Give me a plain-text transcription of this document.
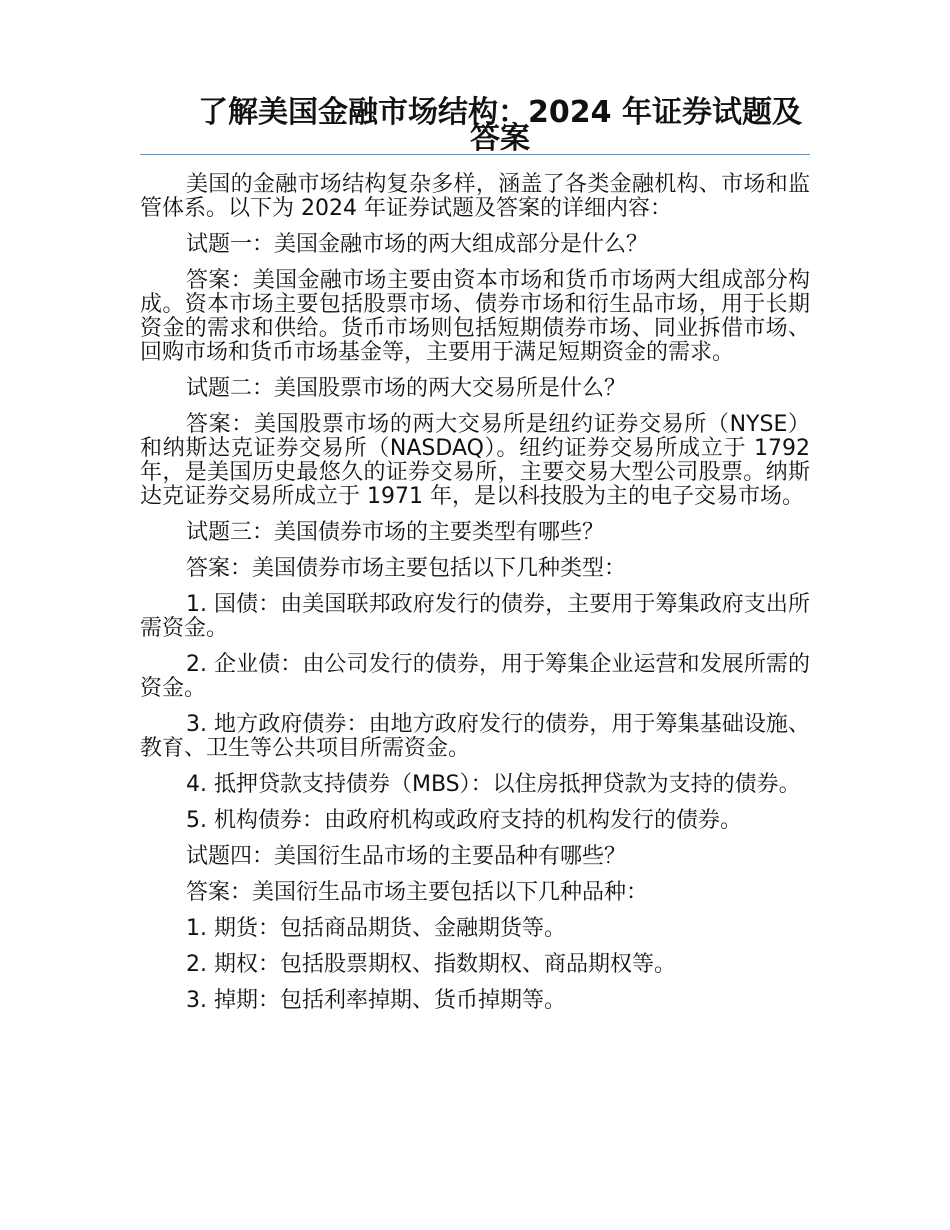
了解美国金融市场结构：2024 年证券试题及答案

美国的金融市场结构复杂多样，涵盖了各类金融机构、市场和监管体系。以下为 2024 年证券试题及答案的详细内容：

试题一：美国金融市场的两大组成部分是什么？

答案：美国金融市场主要由资本市场和货币市场两大组成部分构成。资本市场主要包括股票市场、债券市场和衍生品市场，用于长期资金的需求和供给。货币市场则包括短期债券市场、同业拆借市场、回购市场和货币市场基金等，主要用于满足短期资金的需求。

试题二：美国股票市场的两大交易所是什么？

答案：美国股票市场的两大交易所是纽约证券交易所（NYSE）和纳斯达克证券交易所（NASDAQ）。纽约证券交易所成立于 1792 年，是美国历史最悠久的证券交易所，主要交易大型公司股票。纳斯达克证券交易所成立于 1971 年，是以科技股为主的电子交易市场。

试题三：美国债券市场的主要类型有哪些？

答案：美国债券市场主要包括以下几种类型：

1. 国债：由美国联邦政府发行的债券，主要用于筹集政府支出所需资金。

2. 企业债：由公司发行的债券，用于筹集企业运营和发展所需的资金。

3. 地方政府债券：由地方政府发行的债券，用于筹集基础设施、教育、卫生等公共项目所需资金。

4. 抵押贷款支持债券（MBS）：以住房抵押贷款为支持的债券。

5. 机构债券：由政府机构或政府支持的机构发行的债券。

试题四：美国衍生品市场的主要品种有哪些？

答案：美国衍生品市场主要包括以下几种品种：

1. 期货：包括商品期货、金融期货等。

2. 期权：包括股票期权、指数期权、商品期权等。

3. 掉期：包括利率掉期、货币掉期等。
